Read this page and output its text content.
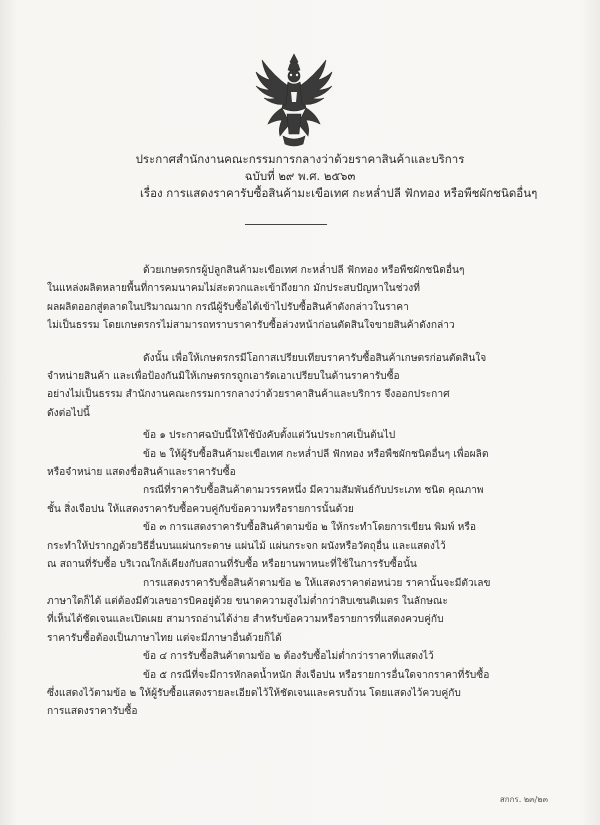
ประกาศสำนักงานคณะกรรมการกลางว่าด้วยราคาสินค้าและบริการ
ฉบับที่ ๒๙ พ.ศ. ๒๕๖๓
เรื่อง การแสดงราคารับซื้อสินค้ามะเขือเทศ กะหล่ำปลี ฟักทอง หรือพืชผักชนิดอื่นๆ

ด้วยเกษตรกรผู้ปลูกสินค้ามะเขือเทศ กะหล่ำปลี ฟักทอง หรือพืชผักชนิดอื่นๆ

ในแหล่งผลิตหลายพื้นที่การคมนาคมไม่สะดวกและเข้าถึงยาก มักประสบปัญหาในช่วงที่

ผลผลิตออกสู่ตลาดในปริมาณมาก กรณีผู้รับซื้อได้เข้าไปรับซื้อสินค้าดังกล่าวในราคา

ไม่เป็นธรรม โดยเกษตรกรไม่สามารถทราบราคารับซื้อล่วงหน้าก่อนตัดสินใจขายสินค้าดังกล่าว

ดังนั้น เพื่อให้เกษตรกรมีโอกาสเปรียบเทียบราคารับซื้อสินค้าเกษตรก่อนตัดสินใจ

จำหน่ายสินค้า และเพื่อป้องกันมิให้เกษตรกรถูกเอารัดเอาเปรียบในด้านราคารับซื้อ

อย่างไม่เป็นธรรม สำนักงานคณะกรรมการกลางว่าด้วยราคาสินค้าและบริการ จึงออกประกาศ

ดังต่อไปนี้

ข้อ ๑ ประกาศฉบับนี้ให้ใช้บังคับตั้งแต่วันประกาศเป็นต้นไป

ข้อ ๒ ให้ผู้รับซื้อสินค้ามะเขือเทศ กะหล่ำปลี ฟักทอง หรือพืชผักชนิดอื่นๆ เพื่อผลิต

หรือจำหน่าย แสดงชื่อสินค้าและราคารับซื้อ

กรณีที่ราคารับซื้อสินค้าตามวรรคหนึ่ง มีความสัมพันธ์กับประเภท ชนิด คุณภาพ

ชั้น สิ่งเจือปน ให้แสดงราคารับซื้อควบคู่กับข้อความหรือรายการนั้นด้วย

ข้อ ๓ การแสดงราคารับซื้อสินค้าตามข้อ ๒ ให้กระทำโดยการเขียน พิมพ์ หรือ

กระทำให้ปรากฏด้วยวิธีอื่นบนแผ่นกระดาษ แผ่นไม้ แผ่นกระจก ผนังหรือวัตถุอื่น และแสดงไว้

ณ สถานที่รับซื้อ บริเวณใกล้เคียงกับสถานที่รับซื้อ หรือยานพาหนะที่ใช้ในการรับซื้อนั้น

การแสดงราคารับซื้อสินค้าตามข้อ ๒ ให้แสดงราคาต่อหน่วย ราคานั้นจะมีตัวเลข

ภาษาใดก็ได้ แต่ต้องมีตัวเลขอารบิคอยู่ด้วย ขนาดความสูงไม่ต่ำกว่าสิบเซนติเมตร ในลักษณะ

ที่เห็นได้ชัดเจนและเปิดเผย สามารถอ่านได้ง่าย สำหรับข้อความหรือรายการที่แสดงควบคู่กับ

ราคารับซื้อต้องเป็นภาษาไทย แต่จะมีภาษาอื่นด้วยก็ได้

ข้อ ๔ การรับซื้อสินค้าตามข้อ ๒ ต้องรับซื้อไม่ต่ำกว่าราคาที่แสดงไว้

ข้อ ๕ กรณีที่จะมีการหักลดน้ำหนัก สิ่งเจือปน หรือรายการอื่นใดจากราคาที่รับซื้อ

ซึ่งแสดงไว้ตามข้อ ๒ ให้ผู้รับซื้อแสดงรายละเอียดไว้ให้ชัดเจนและครบถ้วน โดยแสดงไว้ควบคู่กับ

การแสดงราคารับซื้อ

สกกร. ๒๓/๒๓
